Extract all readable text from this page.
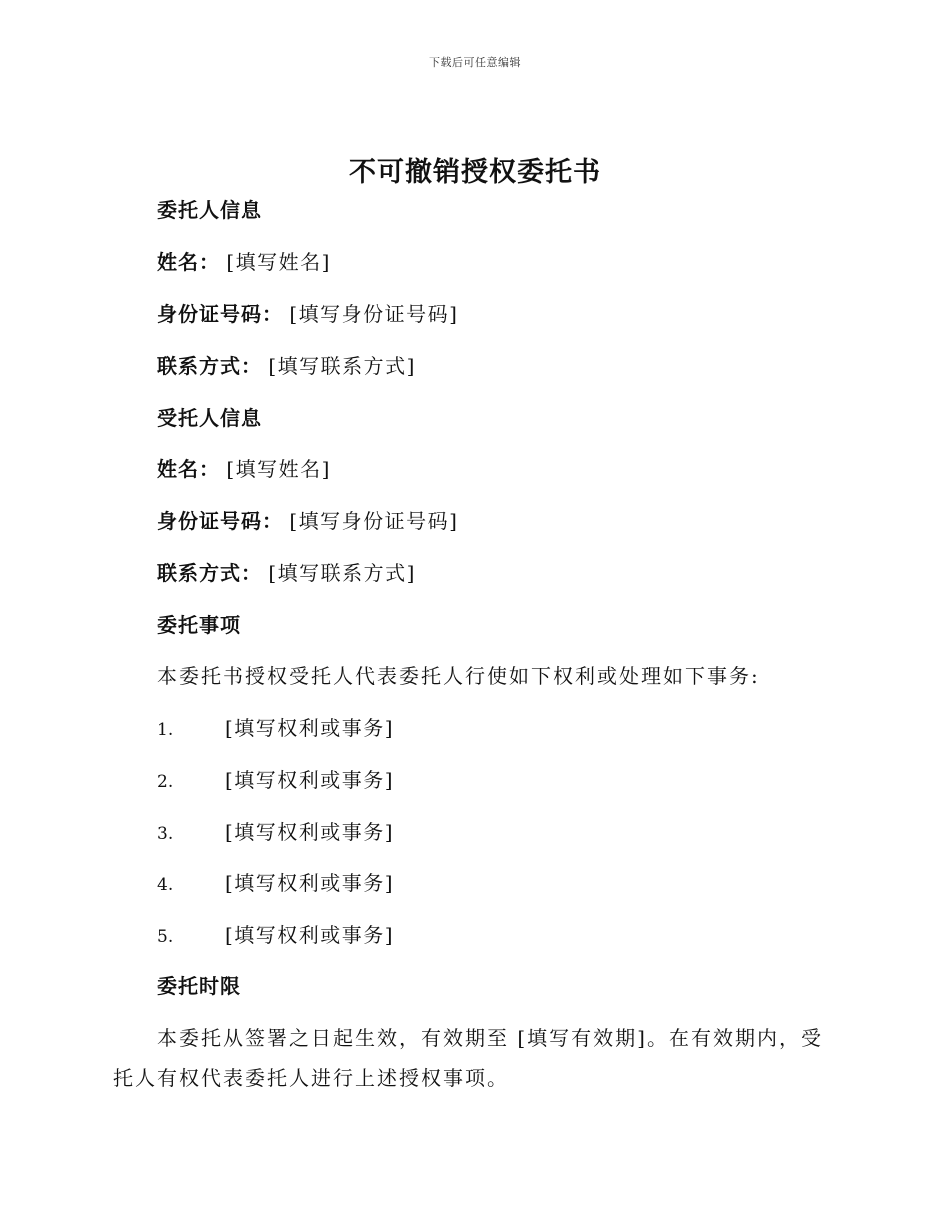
下载后可任意编辑
不可撤销授权委托书
委托人信息
姓名： [填写姓名]
身份证号码： [填写身份证号码]
联系方式： [填写联系方式]
受托人信息
姓名： [填写姓名]
身份证号码： [填写身份证号码]
联系方式： [填写联系方式]
委托事项
本委托书授权受托人代表委托人行使如下权利或处理如下事务:
1.	[填写权利或事务]
2.	[填写权利或事务]
3.	[填写权利或事务]
4.	[填写权利或事务]
5.	[填写权利或事务]
委托时限
本委托从签署之日起生效，有效期至 [填写有效期]。在有效期内，受托人有权代表委托人进行上述授权事项。
